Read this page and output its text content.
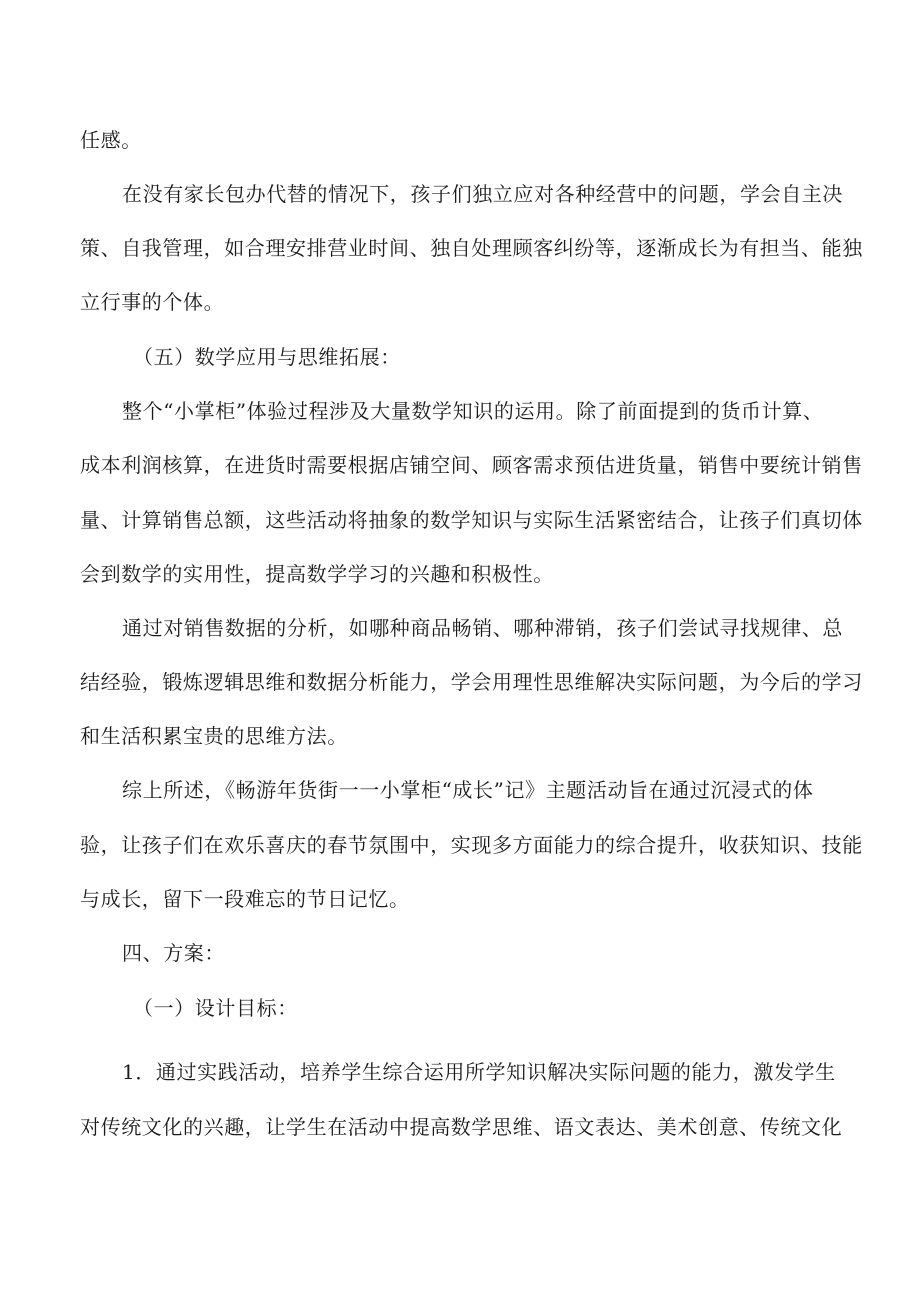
任感。
在没有家长包办代替的情况下，孩子们独立应对各种经营中的问题，学会自主决
策、自我管理，如合理安排营业时间、独自处理顾客纠纷等，逐渐成长为有担当、能独
立行事的个体。
（五）数学应用与思维拓展：
整个“小掌柜”体验过程涉及大量数学知识的运用。除了前面提到的货币计算、
成本利润核算，在进货时需要根据店铺空间、顾客需求预估进货量，销售中要统计销售
量、计算销售总额，这些活动将抽象的数学知识与实际生活紧密结合，让孩子们真切体
会到数学的实用性，提高数学学习的兴趣和积极性。
通过对销售数据的分析，如哪种商品畅销、哪种滞销，孩子们尝试寻找规律、总
结经验，锻炼逻辑思维和数据分析能力，学会用理性思维解决实际问题，为今后的学习
和生活积累宝贵的思维方法。
综上所述，《畅游年货街一一小掌柜“成长”记》主题活动旨在通过沉浸式的体
验，让孩子们在欢乐喜庆的春节氛围中，实现多方面能力的综合提升，收获知识、技能
与成长，留下一段难忘的节日记忆。
四、方案：
（一）设计目标：
1．通过实践活动，培养学生综合运用所学知识解决实际问题的能力，激发学生
对传统文化的兴趣，让学生在活动中提高数学思维、语文表达、美术创意、传统文化
